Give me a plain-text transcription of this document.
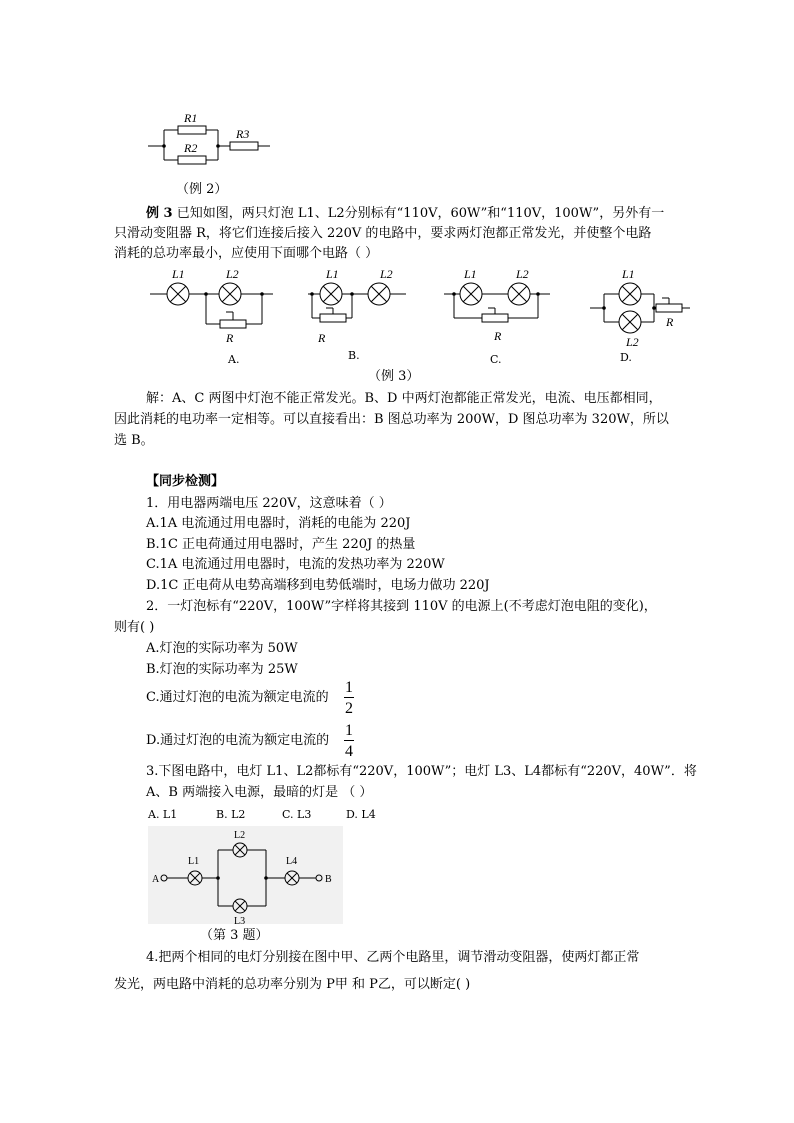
R1
R2
R3
（例 2）
例 3 已知如图，两只灯泡 L1、L2分别标有“110V，60W”和“110V，100W”，另外有一
只滑动变阻器 R，将它们连接后接入 220V 的电路中，要求两灯泡都正常发光，并使整个电路
消耗的总功率最小，应使用下面哪个电路（ ）
L1	L2
R
A.
L1	L2
R
B.
L1	L2
R
C.
L1
L2
R
D.
（例 3）
解：A、C 两图中灯泡不能正常发光。B、D 中两灯泡都能正常发光，电流、电压都相同，
因此消耗的电功率一定相等。可以直接看出：B 图总功率为 200W，D 图总功率为 320W，所以
选 B。
【同步检测】
1．用电器两端电压 220V，这意味着（ ）
A.1A 电流通过用电器时，消耗的电能为 220J
B.1C 正电荷通过用电器时，产生 220J 的热量
C.1A 电流通过用电器时，电流的发热功率为 220W
D.1C 正电荷从电势高端移到电势低端时，电场力做功 220J
2．一灯泡标有“220V，100W”字样将其接到 110V 的电源上(不考虑灯泡电阻的变化)，
则有( )
A.灯泡的实际功率为 50W
B.灯泡的实际功率为 25W
C.通过灯泡的电流为额定电流的
1
2
D.通过灯泡的电流为额定电流的
1
4
3.下图电路中，电灯 L1、L2都标有“220V，100W”；电灯 L3、L4都标有“220V，40W”．将
A、B 两端接入电源，最暗的灯是 （ ）
A. L1	B. L2	C. L3	D. L4
A	B
L1
L2
L3
L4
（第 3 题）
4.把两个相同的电灯分别接在图中甲、乙两个电路里，调节滑动变阻器，使两灯都正常
发光，两电路中消耗的总功率分别为 P甲 和 P乙，可以断定( )
